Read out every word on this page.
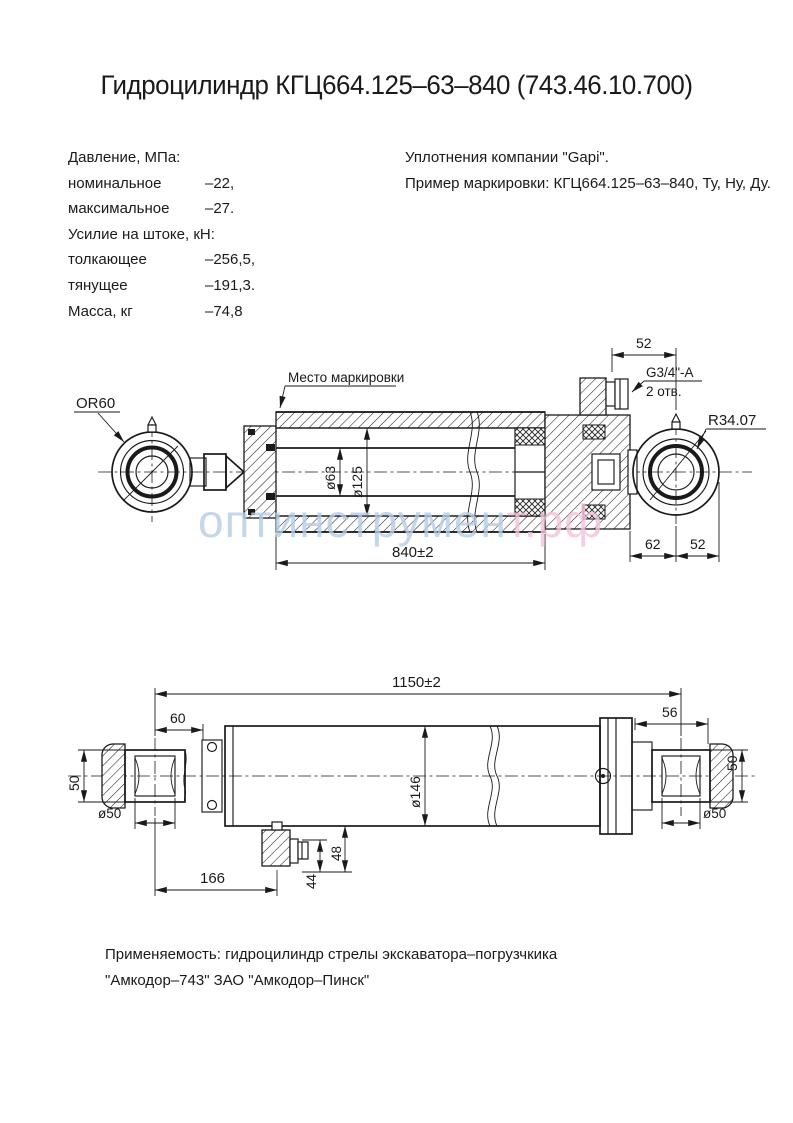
Гидроцилиндр КГЦ664.125–63–840 (743.46.10.700)
Давление, МПа:
номинальное	–22,
максимальное –27.
Усилие на штоке, кН:
толкающее	–256,5,
тянущее	–191,3.
Масса, кг	–74,8
Уплотнения компании "Gapi".
Пример маркировки: КГЦ664.125–63–840, Ту, Ну, Ду.
OR60
Место маркировки
52
G3/4"-A
2 отв.
R34.07
ø63 ø125
840±2	62 52
1150±2
60	56
50
50
ø50	ø50
ø146
44
48
166
оптинструмент.рф
Применяемость: гидроцилиндр стрелы экскаватора–погрузчкика
"Амкодор–743" ЗАО "Амкодор–Пинск"
